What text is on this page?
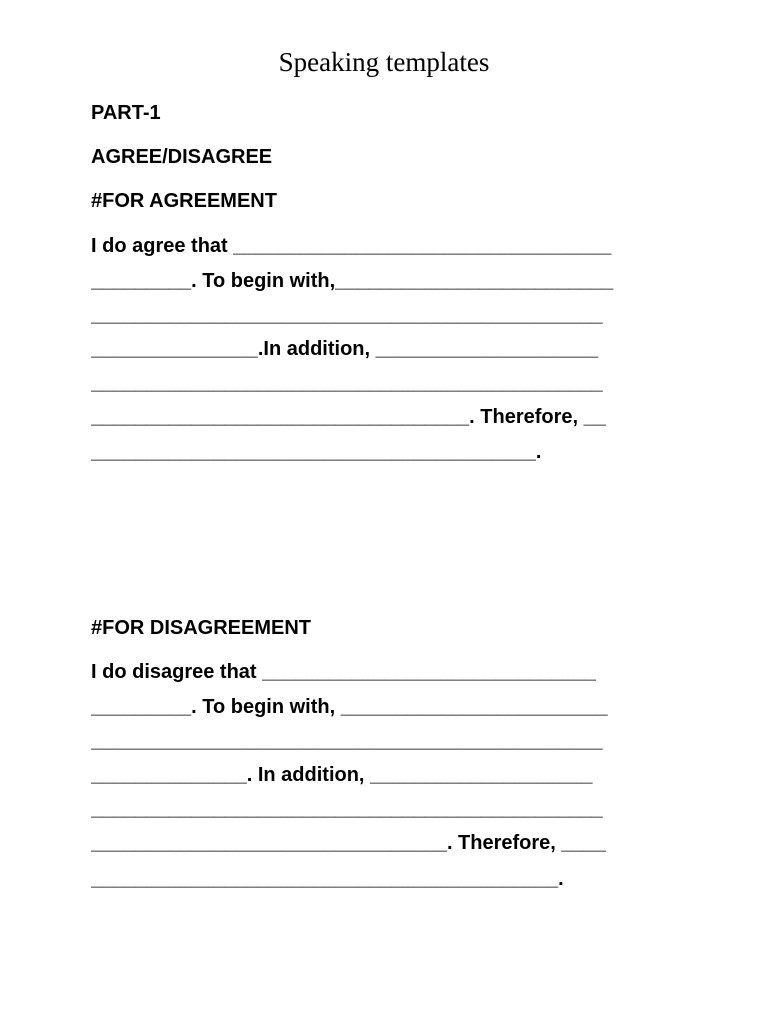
Speaking templates
PART-1
AGREE/DISAGREE
#FOR AGREEMENT
I do agree that __________________________________
_________. To begin with,_________________________
______________________________________________
_______________.In addition, ____________________
______________________________________________
__________________________________. Therefore, __
________________________________________.
#FOR DISAGREEMENT
I do disagree that ______________________________
_________. To begin with, ________________________
______________________________________________
______________. In addition, ____________________
______________________________________________
________________________________. Therefore, ____
__________________________________________.
